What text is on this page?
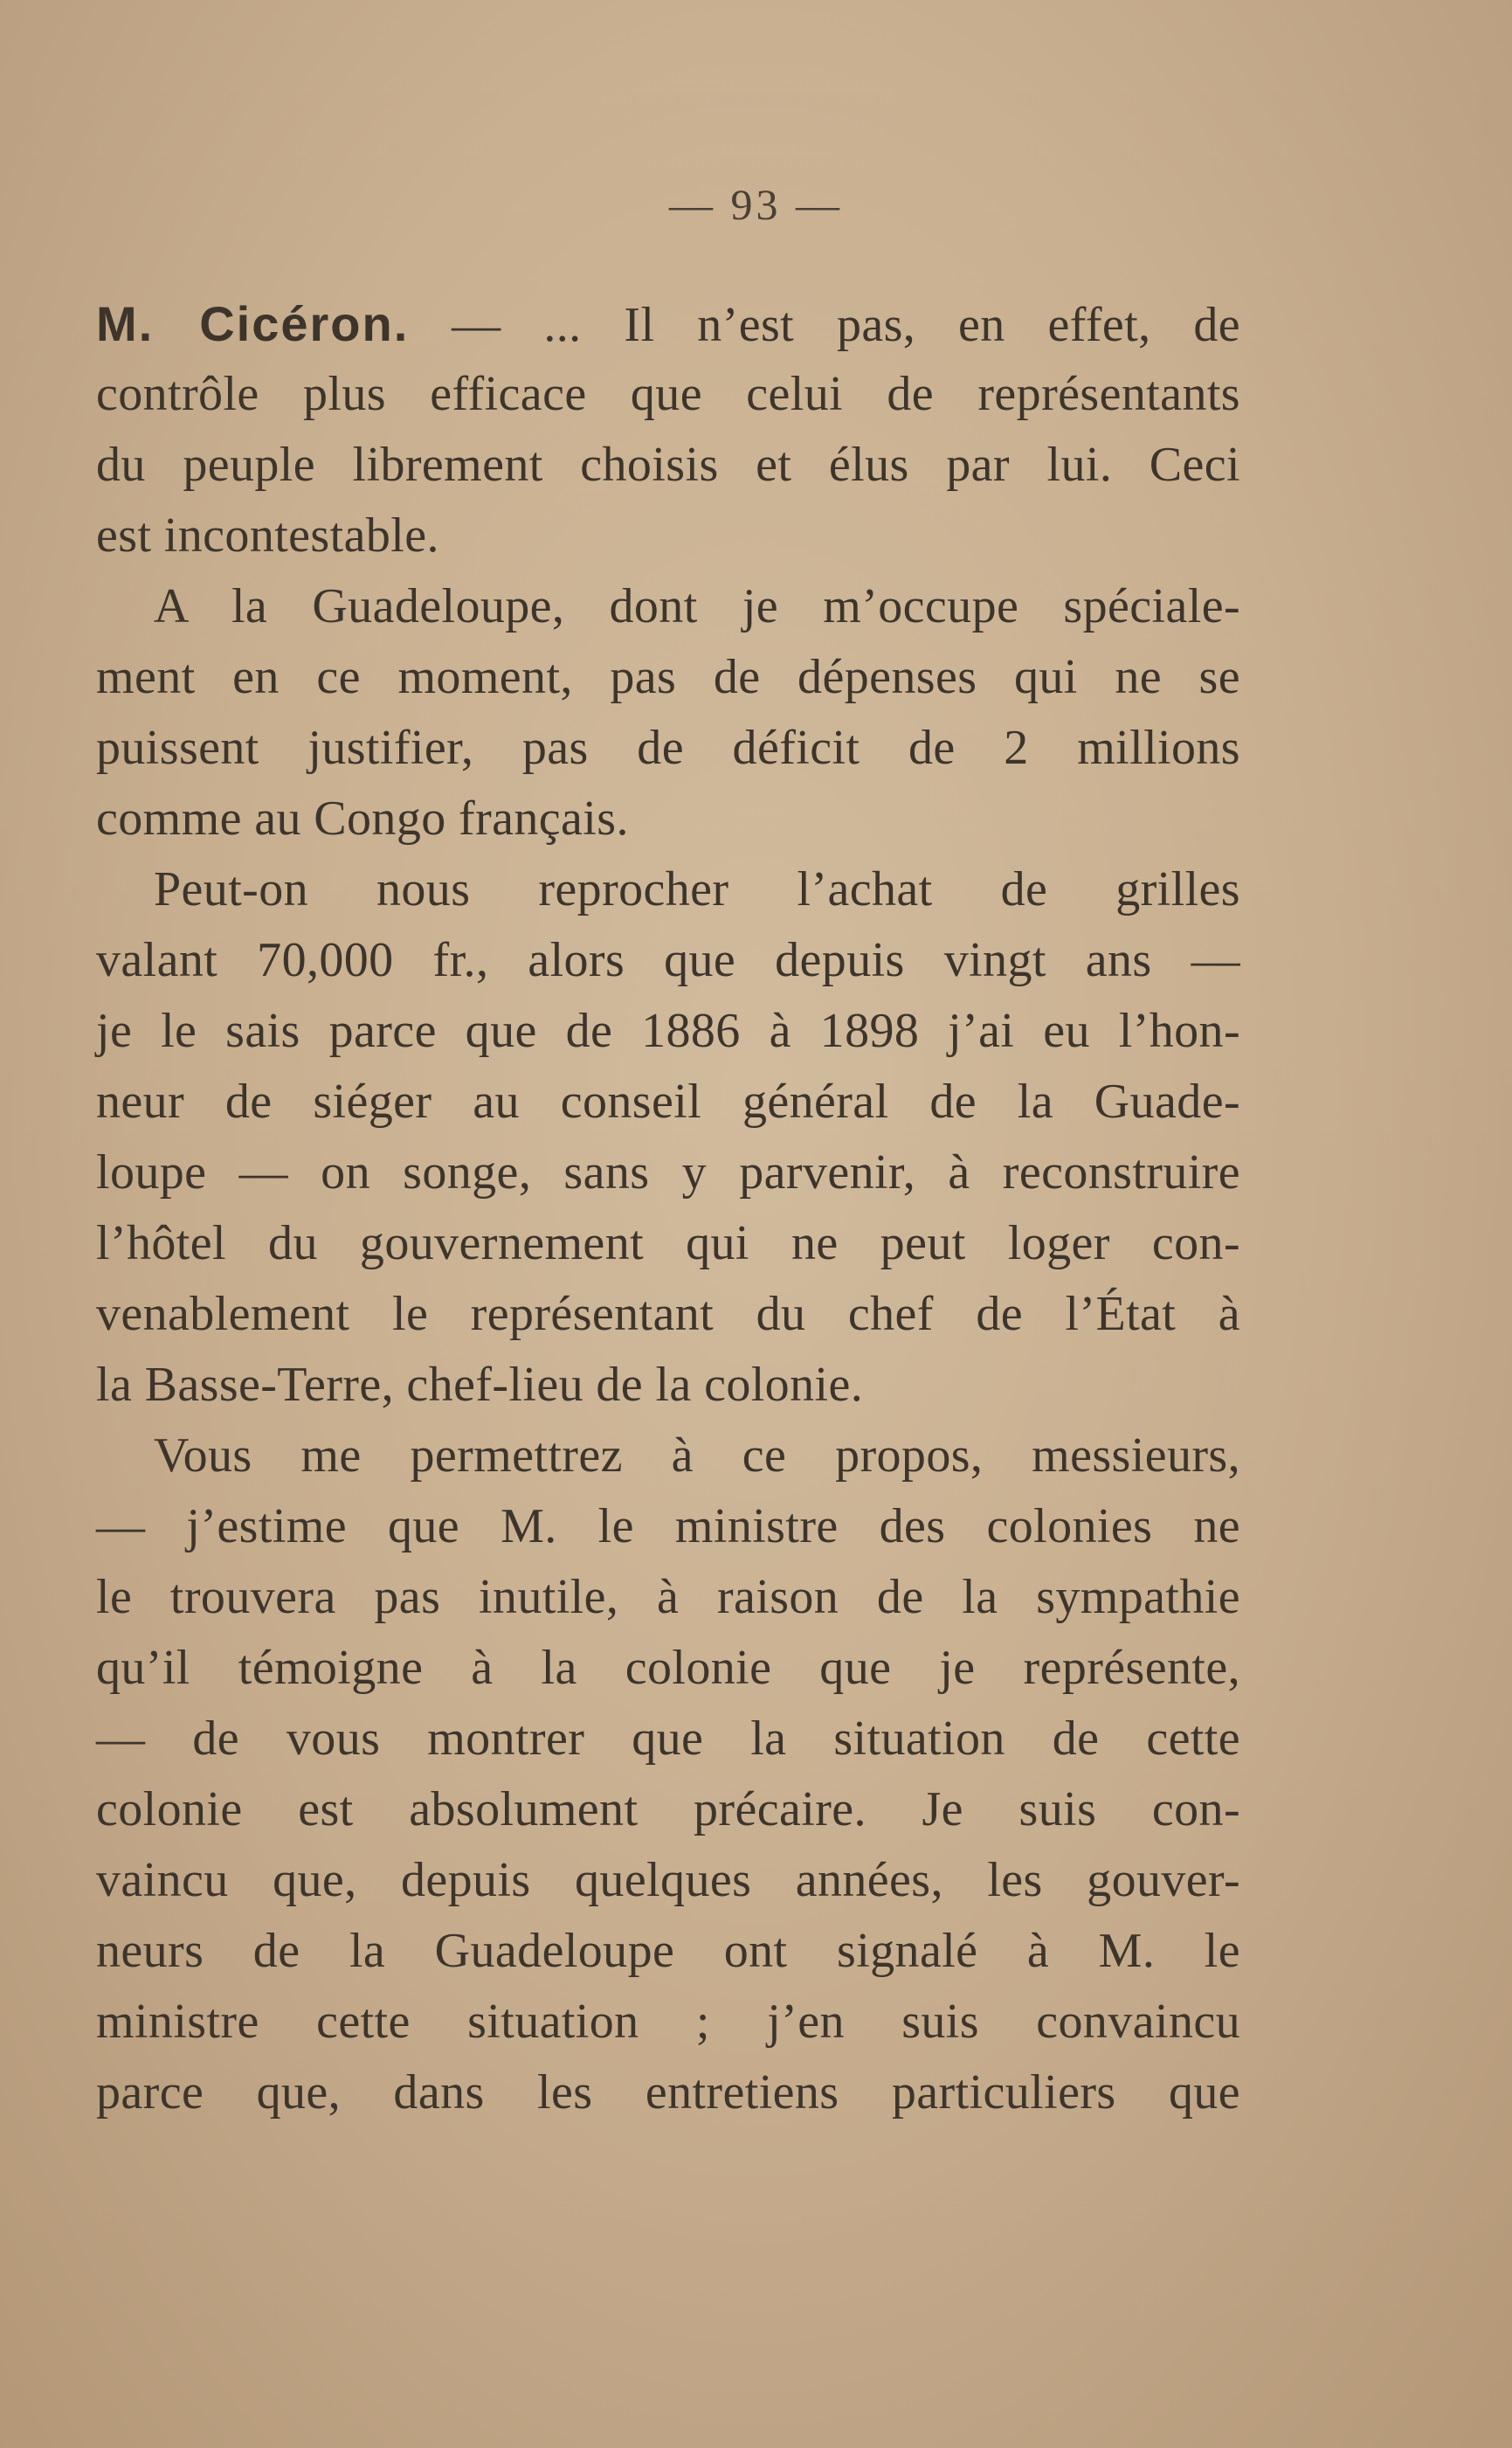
— 93 —
M. Cicéron. — ... Il n’est pas, en effet, de
contrôle plus efficace que celui de représentants
du peuple librement choisis et élus par lui. Ceci
est incontestable.
A la Guadeloupe, dont je m’occupe spéciale-
ment en ce moment, pas de dépenses qui ne se
puissent justifier, pas de déficit de 2 millions
comme au Congo français.
Peut-on nous reprocher l’achat de grilles
valant 70,000 fr., alors que depuis vingt ans —
je le sais parce que de 1886 à 1898 j’ai eu l’hon-
neur de siéger au conseil général de la Guade-
loupe — on songe, sans y parvenir, à reconstruire
l’hôtel du gouvernement qui ne peut loger con-
venablement le représentant du chef de l’État à
la Basse-Terre, chef-lieu de la colonie.
Vous me permettrez à ce propos, messieurs,
— j’estime que M. le ministre des colonies ne
le trouvera pas inutile, à raison de la sympathie
qu’il témoigne à la colonie que je représente,
— de vous montrer que la situation de cette
colonie est absolument précaire. Je suis con-
vaincu que, depuis quelques années, les gouver-
neurs de la Guadeloupe ont signalé à M. le
ministre cette situation ; j’en suis convaincu
parce que, dans les entretiens particuliers que
